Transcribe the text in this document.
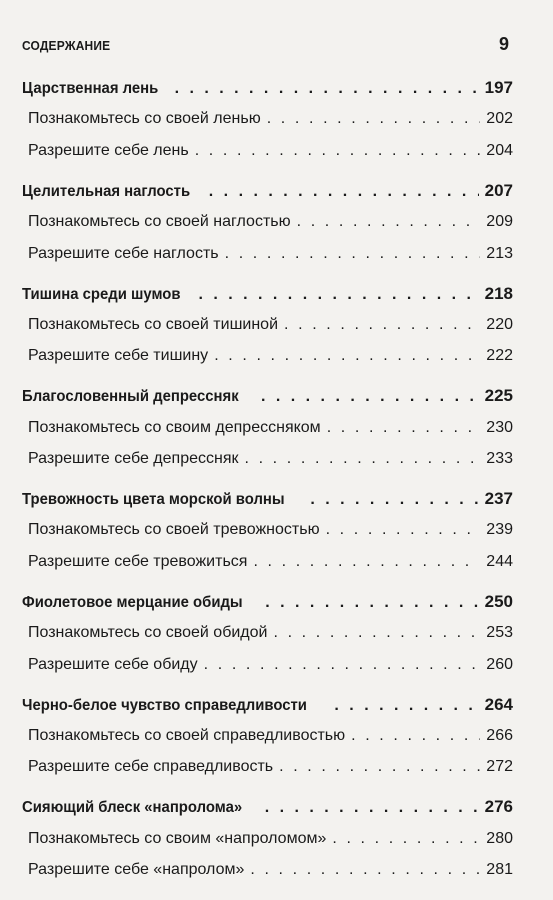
СОДЕРЖАНИЕ	9
Царственная лень . . .	197
Познакомьтесь со своей ленью . . .	202
Разрешите себе лень . . .	204
Целительная наглость . . .	207
Познакомьтесь со своей наглостью . . .	209
Разрешите себе наглость . . .	213
Тишина среди шумов . . .	218
Познакомьтесь со своей тишиной . . .	220
Разрешите себе тишину . . .	222
Благословенный депрессняк . . .	225
Познакомьтесь со своим депрессняком . . .	230
Разрешите себе депрессняк . . .	233
Тревожность цвета морской волны . . .	237
Познакомьтесь со своей тревожностью . . .	239
Разрешите себе тревожиться . . .	244
Фиолетовое мерцание обиды . . .	250
Познакомьтесь со своей обидой . . .	253
Разрешите себе обиду . . .	260
Черно-белое чувство справедливости . . .	264
Познакомьтесь со своей справедливостью . . .	266
Разрешите себе справедливость . . .	272
Сияющий блеск «напролома» . . .	276
Познакомьтесь со своим «напроломом» . . .	280
Разрешите себе «напролом» . . .	281
